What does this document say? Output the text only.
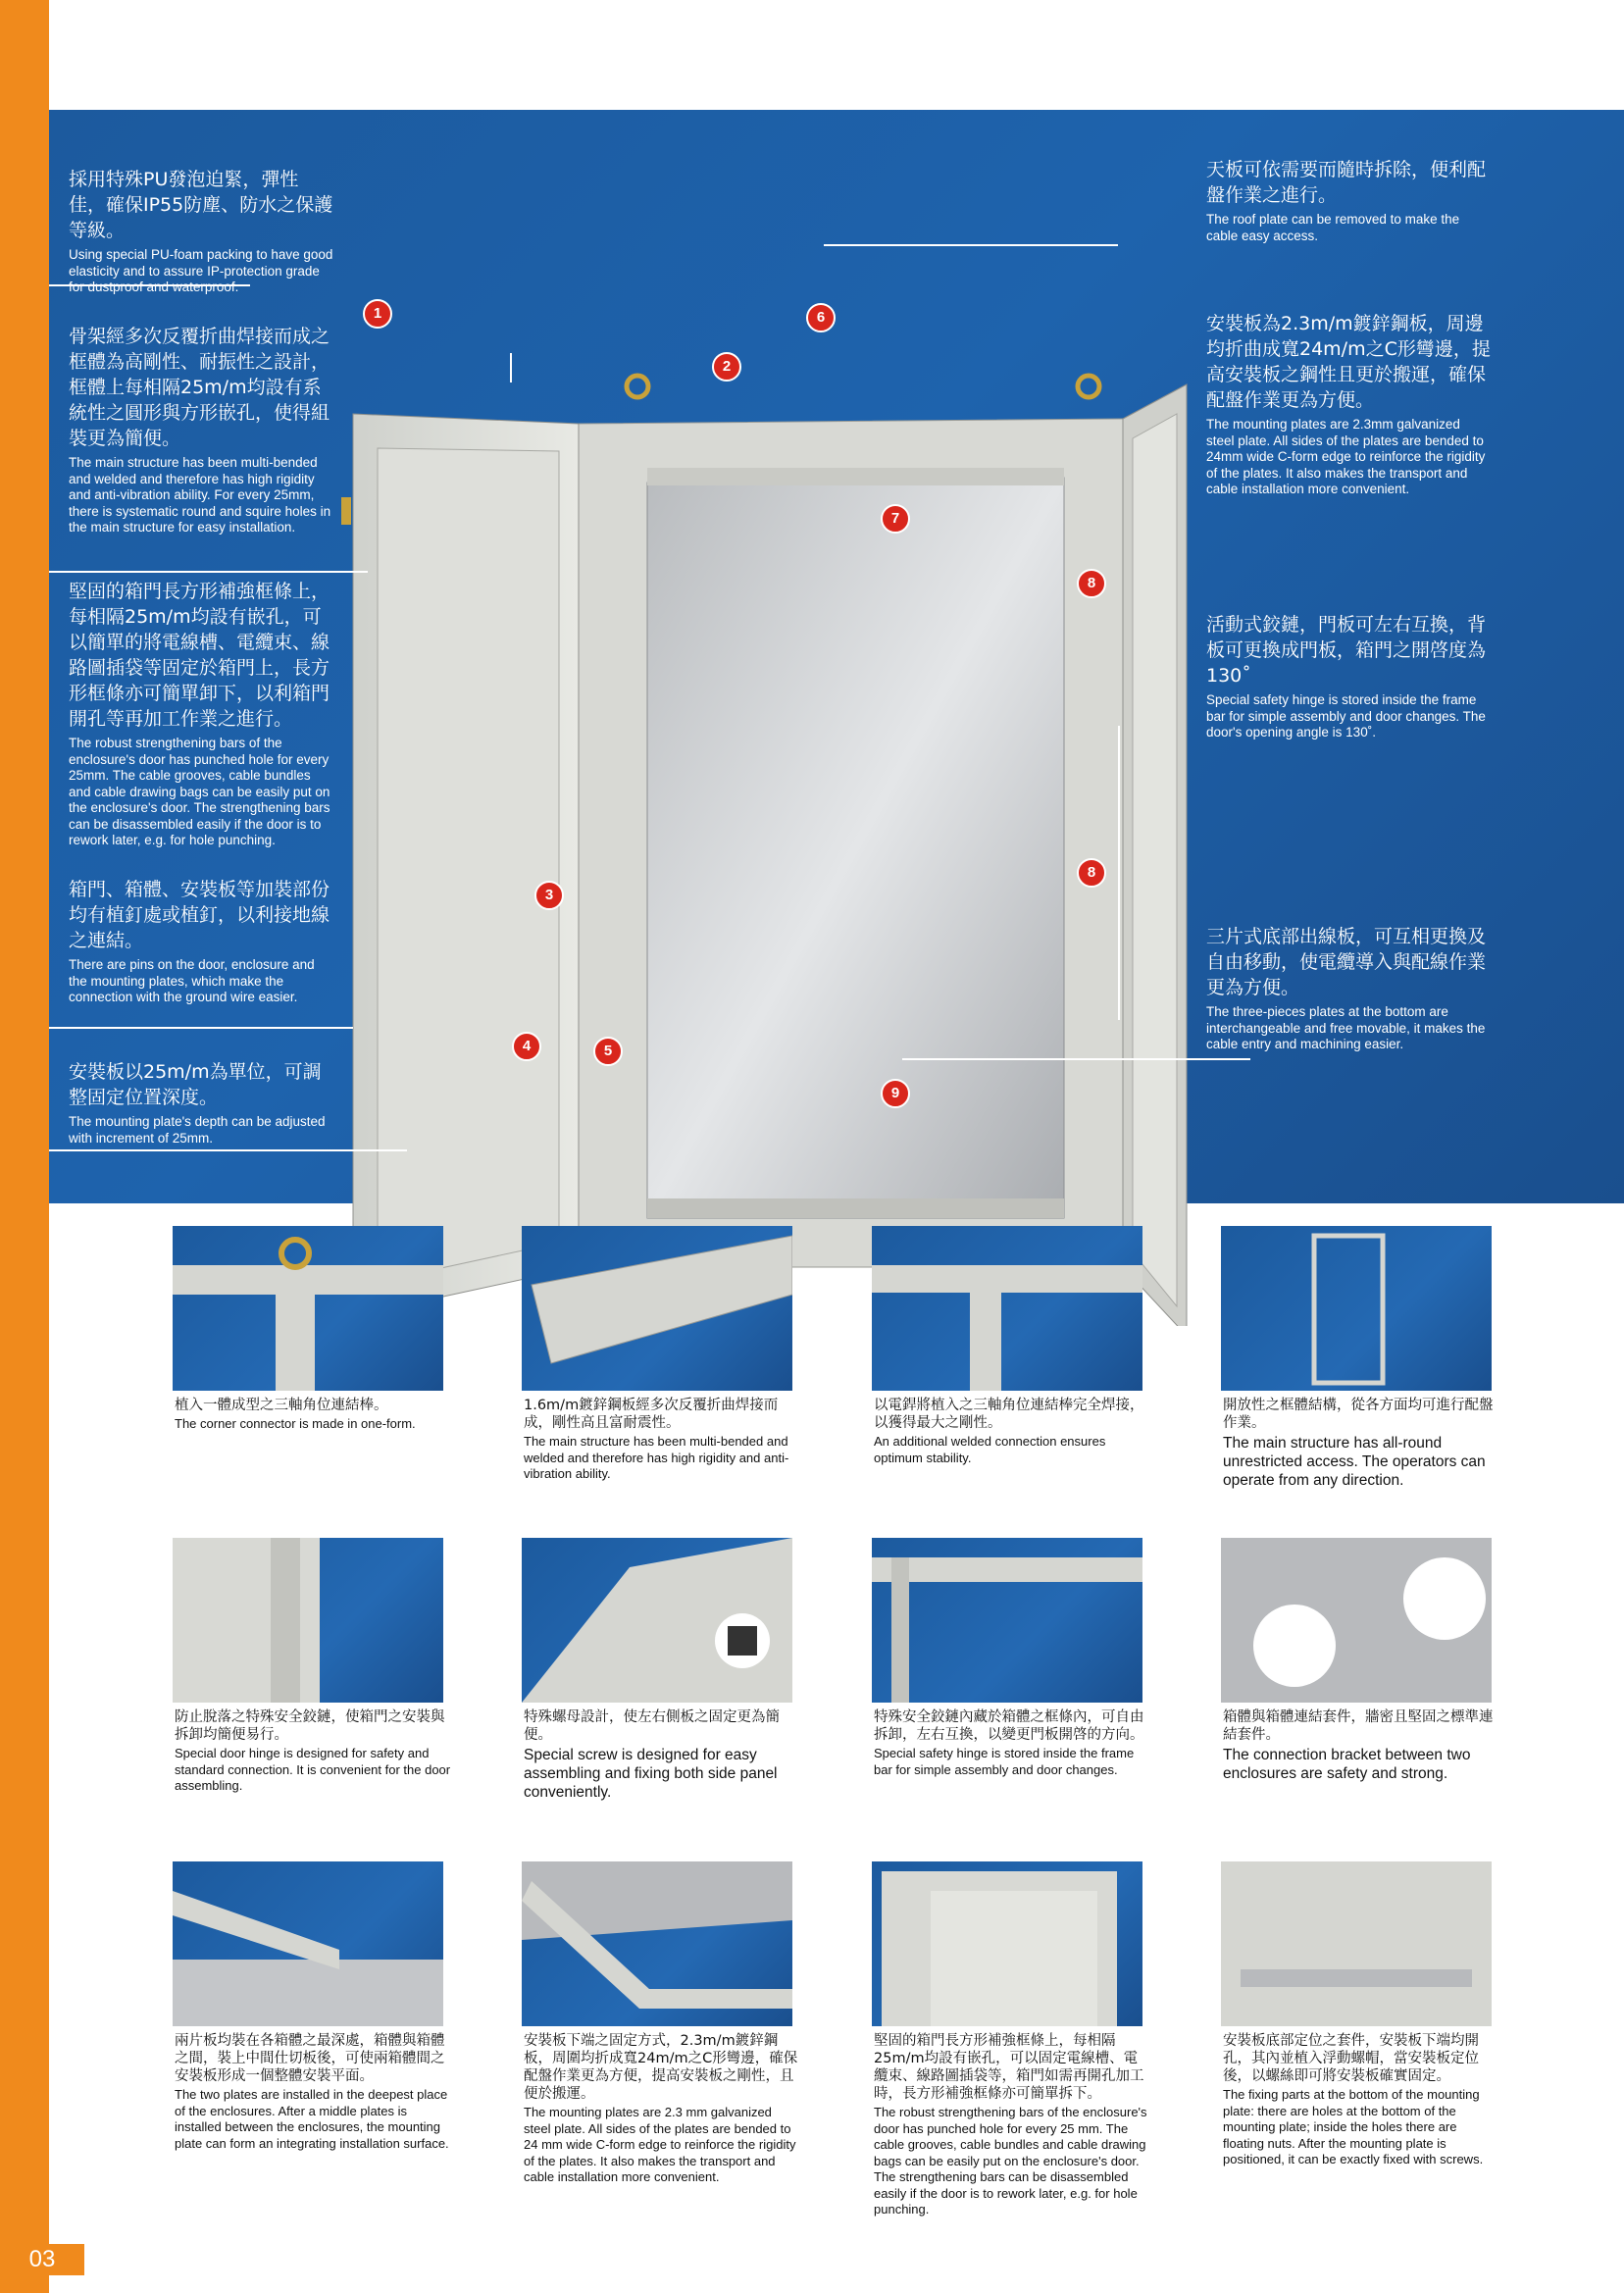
1
2
3
4	5
6
7
8
8
9
採用特殊PU發泡迫緊，彈性佳，確保IP55防塵、防水之保護等級。
Using special PU-foam packing to have good elasticity and to assure IP-protection grade for dustproof and waterproof.
骨架經多次反覆折曲焊接而成之框體為高剛性、耐振性之設計，框體上每相隔25m/m均設有系統性之圓形與方形嵌孔，使得組裝更為簡便。
The main structure has been multi-bended and welded and therefore has high rigidity and anti-vibration ability. For every 25mm, there is systematic round and squire holes in the main structure for easy installation.
堅固的箱門長方形補強框條上，每相隔25m/m均設有嵌孔，可以簡單的將電線槽、電纜束、線路圖插袋等固定於箱門上，長方形框條亦可簡單卸下，以利箱門開孔等再加工作業之進行。
The robust strengthening bars of the enclosure's door has punched hole for every 25mm. The cable grooves, cable bundles and cable drawing bags can be easily put on the enclosure's door. The strengthening bars can be disassembled easily if the door is to rework later, e.g. for hole punching.
箱門、箱體、安裝板等加裝部份均有植釘處或植釘，以利接地線之連結。
There are pins on the door, enclosure and the mounting plates, which make the connection with the ground wire easier.
安裝板以25m/m為單位，可調整固定位置深度。
The mounting plate's depth can be adjusted with increment of 25mm.
天板可依需要而隨時拆除，便利配盤作業之進行。
The roof plate can be removed to make the cable easy access.
安裝板為2.3m/m鍍鋅鋼板，周邊均折曲成寬24m/m之C形彎邊，提高安裝板之鋼性且更於搬運，確保配盤作業更為方便。
The mounting plates are 2.3mm galvanized steel plate. All sides of the plates are bended to 24mm wide C-form edge to reinforce the rigidity of the plates. It also makes the transport and cable installation more convenient.
活動式鉸鏈，門板可左右互換，背板可更換成門板，箱門之開啓度為130˚
Special safety hinge is stored inside the frame bar for simple assembly and door changes. The door's opening angle is 130˚.
三片式底部出線板，可互相更換及自由移動，使電纜導入與配線作業更為方便。
The three-pieces plates at the bottom are interchangeable and free movable, it makes the cable entry and machining easier.
植入一體成型之三軸角位連結棒。
The corner connector is made in one-form.
1.6m/m鍍鋅鋼板經多次反覆折曲焊接而成，剛性高且富耐震性。
The main structure has been multi-bended and welded and therefore has high rigidity and anti-vibration ability.
以電銲將植入之三軸角位連結棒完全焊接，以獲得最大之剛性。
An additional welded connection ensures optimum stability.
開放性之框體結構，從各方面均可進行配盤作業。
The main structure has all-round unrestricted access. The operators can operate from any direction.
防止脫落之特殊安全鉸鏈，使箱門之安裝與拆卸均簡便易行。
Special door hinge is designed for safety and standard connection. It is convenient for the door assembling.
特殊螺母設計，使左右側板之固定更為簡便。
Special screw is designed for easy assembling and fixing both side panel conveniently.
特殊安全鉸鏈內藏於箱體之框條內，可自由拆卸，左右互換，以變更門板開啓的方向。
Special safety hinge is stored inside the frame bar for simple assembly and door changes.
箱體與箱體連結套件，牆密且堅固之標準連結套件。
The connection bracket between two enclosures are safety and strong.
兩片板均裝在各箱體之最深處，箱體與箱體之間，裝上中間仕切板後，可使兩箱體間之安裝板形成一個整體安裝平面。
The two plates are installed in the deepest place of the enclosures. After a middle plates is installed between the enclosures, the mounting plate can form an integrating installation surface.
安裝板下端之固定方式，2.3m/m鍍鋅鋼板，周圍均折成寬24m/m之C形彎邊，確保配盤作業更為方便，提高安裝板之剛性，且便於搬運。
The mounting plates are 2.3 mm galvanized steel plate. All sides of the plates are bended to 24 mm wide C-form edge to reinforce the rigidity of the plates. It also makes the transport and cable installation more convenient.
堅固的箱門長方形補強框條上，每相隔25m/m均設有嵌孔，可以固定電線槽、電纜束、線路圖插袋等，箱門如需再開孔加工時，長方形補強框條亦可簡單拆下。
The robust strengthening bars of the enclosure's door has punched hole for every 25 mm. The cable grooves, cable bundles and cable drawing bags can be easily put on the enclosure's door. The strengthening bars can be disassembled easily if the door is to rework later, e.g. for hole punching.
安裝板底部定位之套件，安裝板下端均開孔，其內並植入浮動螺帽，當安裝板定位後，以螺絲即可將安裝板確實固定。
The fixing parts at the bottom of the mounting plate: there are holes at the bottom of the mounting plate; inside the holes there are floating nuts. After the mounting plate is positioned, it can be exactly fixed with screws.
03
